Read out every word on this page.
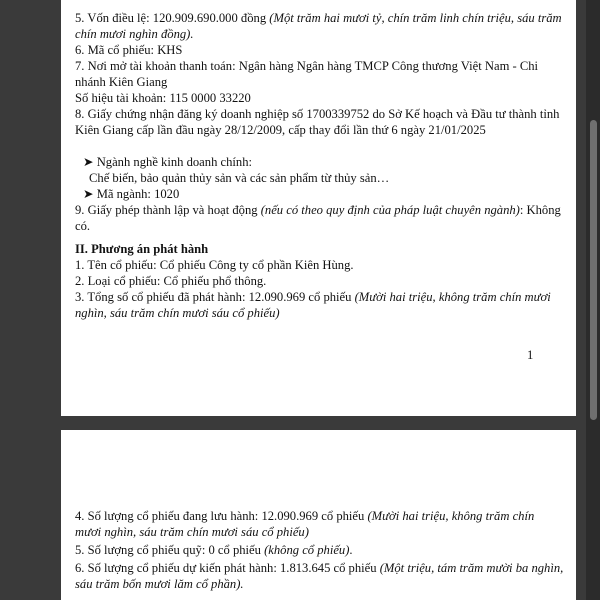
5. Vốn điều lệ: 120.909.690.000 đồng (Một trăm hai mươi tỷ, chín trăm linh chín triệu, sáu trăm
chín mươi nghìn đồng).
6. Mã cổ phiếu: KHS
7. Nơi mở tài khoản thanh toán: Ngân hàng Ngân hàng TMCP Công thương Việt Nam - Chi
nhánh Kiên Giang
8. Giấy chứng nhận đăng ký doanh nghiệp số 1700339752 do Sở Kế hoạch và Đầu tư thành tỉnh
Kiên Giang cấp lần đầu ngày 28/12/2009, cấp thay đổi lần thứ 6 ngày 21/01/2025
Chế biến, bảo quản thủy sản và các sản phẩm từ thủy sản…
9. Giấy phép thành lập và hoạt động (nếu có theo quy định của pháp luật chuyên ngành): Không
có.
1. Tên cổ phiếu: Cổ phiếu Công ty cổ phần Kiên Hùng.
2. Loại cổ phiếu: Cổ phiếu phổ thông.
3. Tổng số cổ phiếu đã phát hành: 12.090.969 cổ phiếu (Mười hai triệu, không trăm chín mươi
nghìn, sáu trăm chín mươi sáu cổ phiếu)
Số hiệu tài khoản: 115 0000 33220
➤ Ngành nghề kinh doanh chính:
➤ Mã ngành: 1020
II. Phương án phát hành
1
4. Số lượng cổ phiếu đang lưu hành: 12.090.969 cổ phiếu (Mười hai triệu, không trăm chín
mươi nghìn, sáu trăm chín mươi sáu cổ phiếu)
5. Số lượng cổ phiếu quỹ: 0 cổ phiếu (không cổ phiếu).
6. Số lượng cổ phiếu dự kiến phát hành: 1.813.645 cổ phiếu (Một triệu, tám trăm mười ba nghìn,
sáu trăm bốn mươi lăm cổ phần).
